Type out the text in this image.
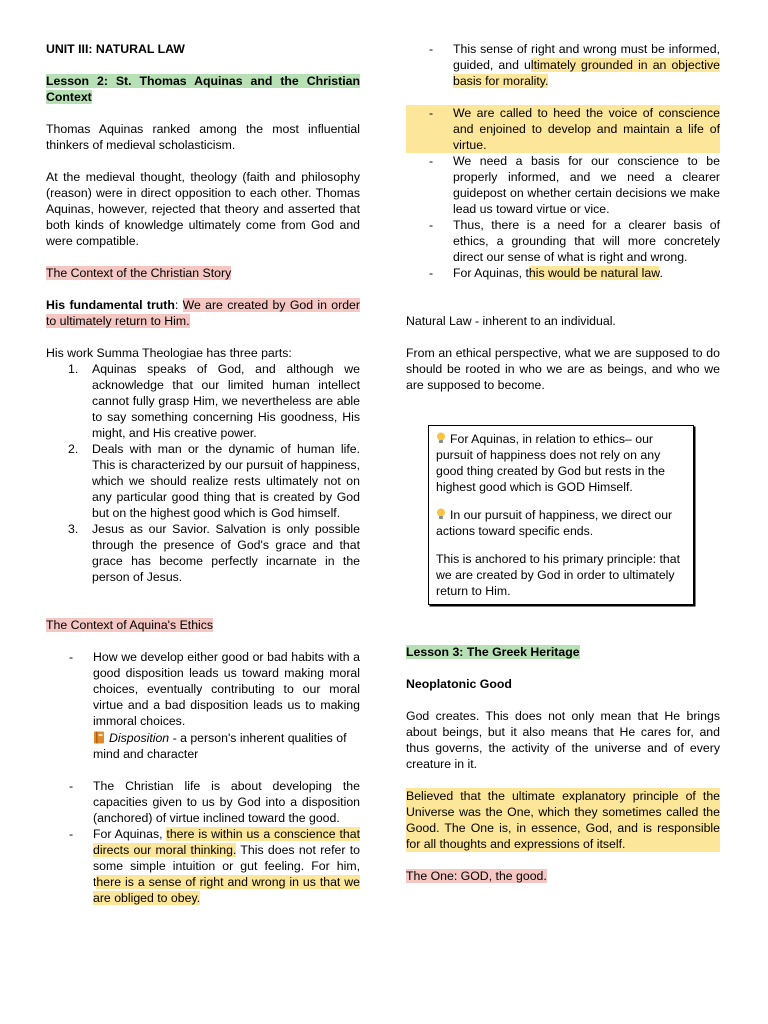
UNIT III: NATURAL LAW

Lesson 2: St. Thomas Aquinas and the Christian Context

Thomas Aquinas ranked among the most influential thinkers of medieval scholasticism.

At the medieval thought, theology (faith and philosophy (reason) were in direct opposition to each other. Thomas Aquinas, however, rejected that theory and asserted that both kinds of knowledge ultimately come from God and were compatible.

The Context of the Christian Story

His fundamental truth: We are created by God in order to ultimately return to Him.

His work Summa Theologiae has three parts:

1. Aquinas speaks of God, and although we acknowledge that our limited human intellect cannot fully grasp Him, we nevertheless are able to say something concerning His goodness, His might, and His creative power.
2. Deals with man or the dynamic of human life. This is characterized by our pursuit of happiness, which we should realize rests ultimately not on any particular good thing that is created by God but on the highest good which is God himself.
3. Jesus as our Savior. Salvation is only possible through the presence of God's grace and that grace has become perfectly incarnate in the person of Jesus.

The Context of Aquina's Ethics

- How we develop either good or bad habits with a good disposition leads us toward making moral choices, eventually contributing to our moral virtue and a bad disposition leads us to making immoral choices.
Disposition - a person's inherent qualities of mind and character
- The Christian life is about developing the capacities given to us by God into a disposition (anchored) of virtue inclined toward the good.
- For Aquinas, there is within us a conscience that directs our moral thinking. This does not refer to some simple intuition or gut feeling. For him, there is a sense of right and wrong in us that we are obliged to obey.
- This sense of right and wrong must be informed, guided, and ultimately grounded in an objective basis for morality.
- We are called to heed the voice of conscience and enjoined to develop and maintain a life of virtue.
- We need a basis for our conscience to be properly informed, and we need a clearer guidepost on whether certain decisions we make lead us toward virtue or vice.
- Thus, there is a need for a clearer basis of ethics, a grounding that will more concretely direct our sense of what is right and wrong.
- For Aquinas, this would be natural law.

Natural Law - inherent to an individual.

From an ethical perspective, what we are supposed to do should be rooted in who we are as beings, and who we are supposed to become.

For Aquinas, in relation to ethics– our pursuit of happiness does not rely on any good thing created by God but rests in the highest good which is GOD Himself.

In our pursuit of happiness, we direct our actions toward specific ends.

This is anchored to his primary principle: that we are created by God in order to ultimately return to Him.

Lesson 3: The Greek Heritage

Neoplatonic Good

God creates. This does not only mean that He brings about beings, but it also means that He cares for, and thus governs, the activity of the universe and of every creature in it.

Believed that the ultimate explanatory principle of the Universe was the One, which they sometimes called the Good. The One is, in essence, God, and is responsible for all thoughts and expressions of itself.

The One: GOD, the good.
